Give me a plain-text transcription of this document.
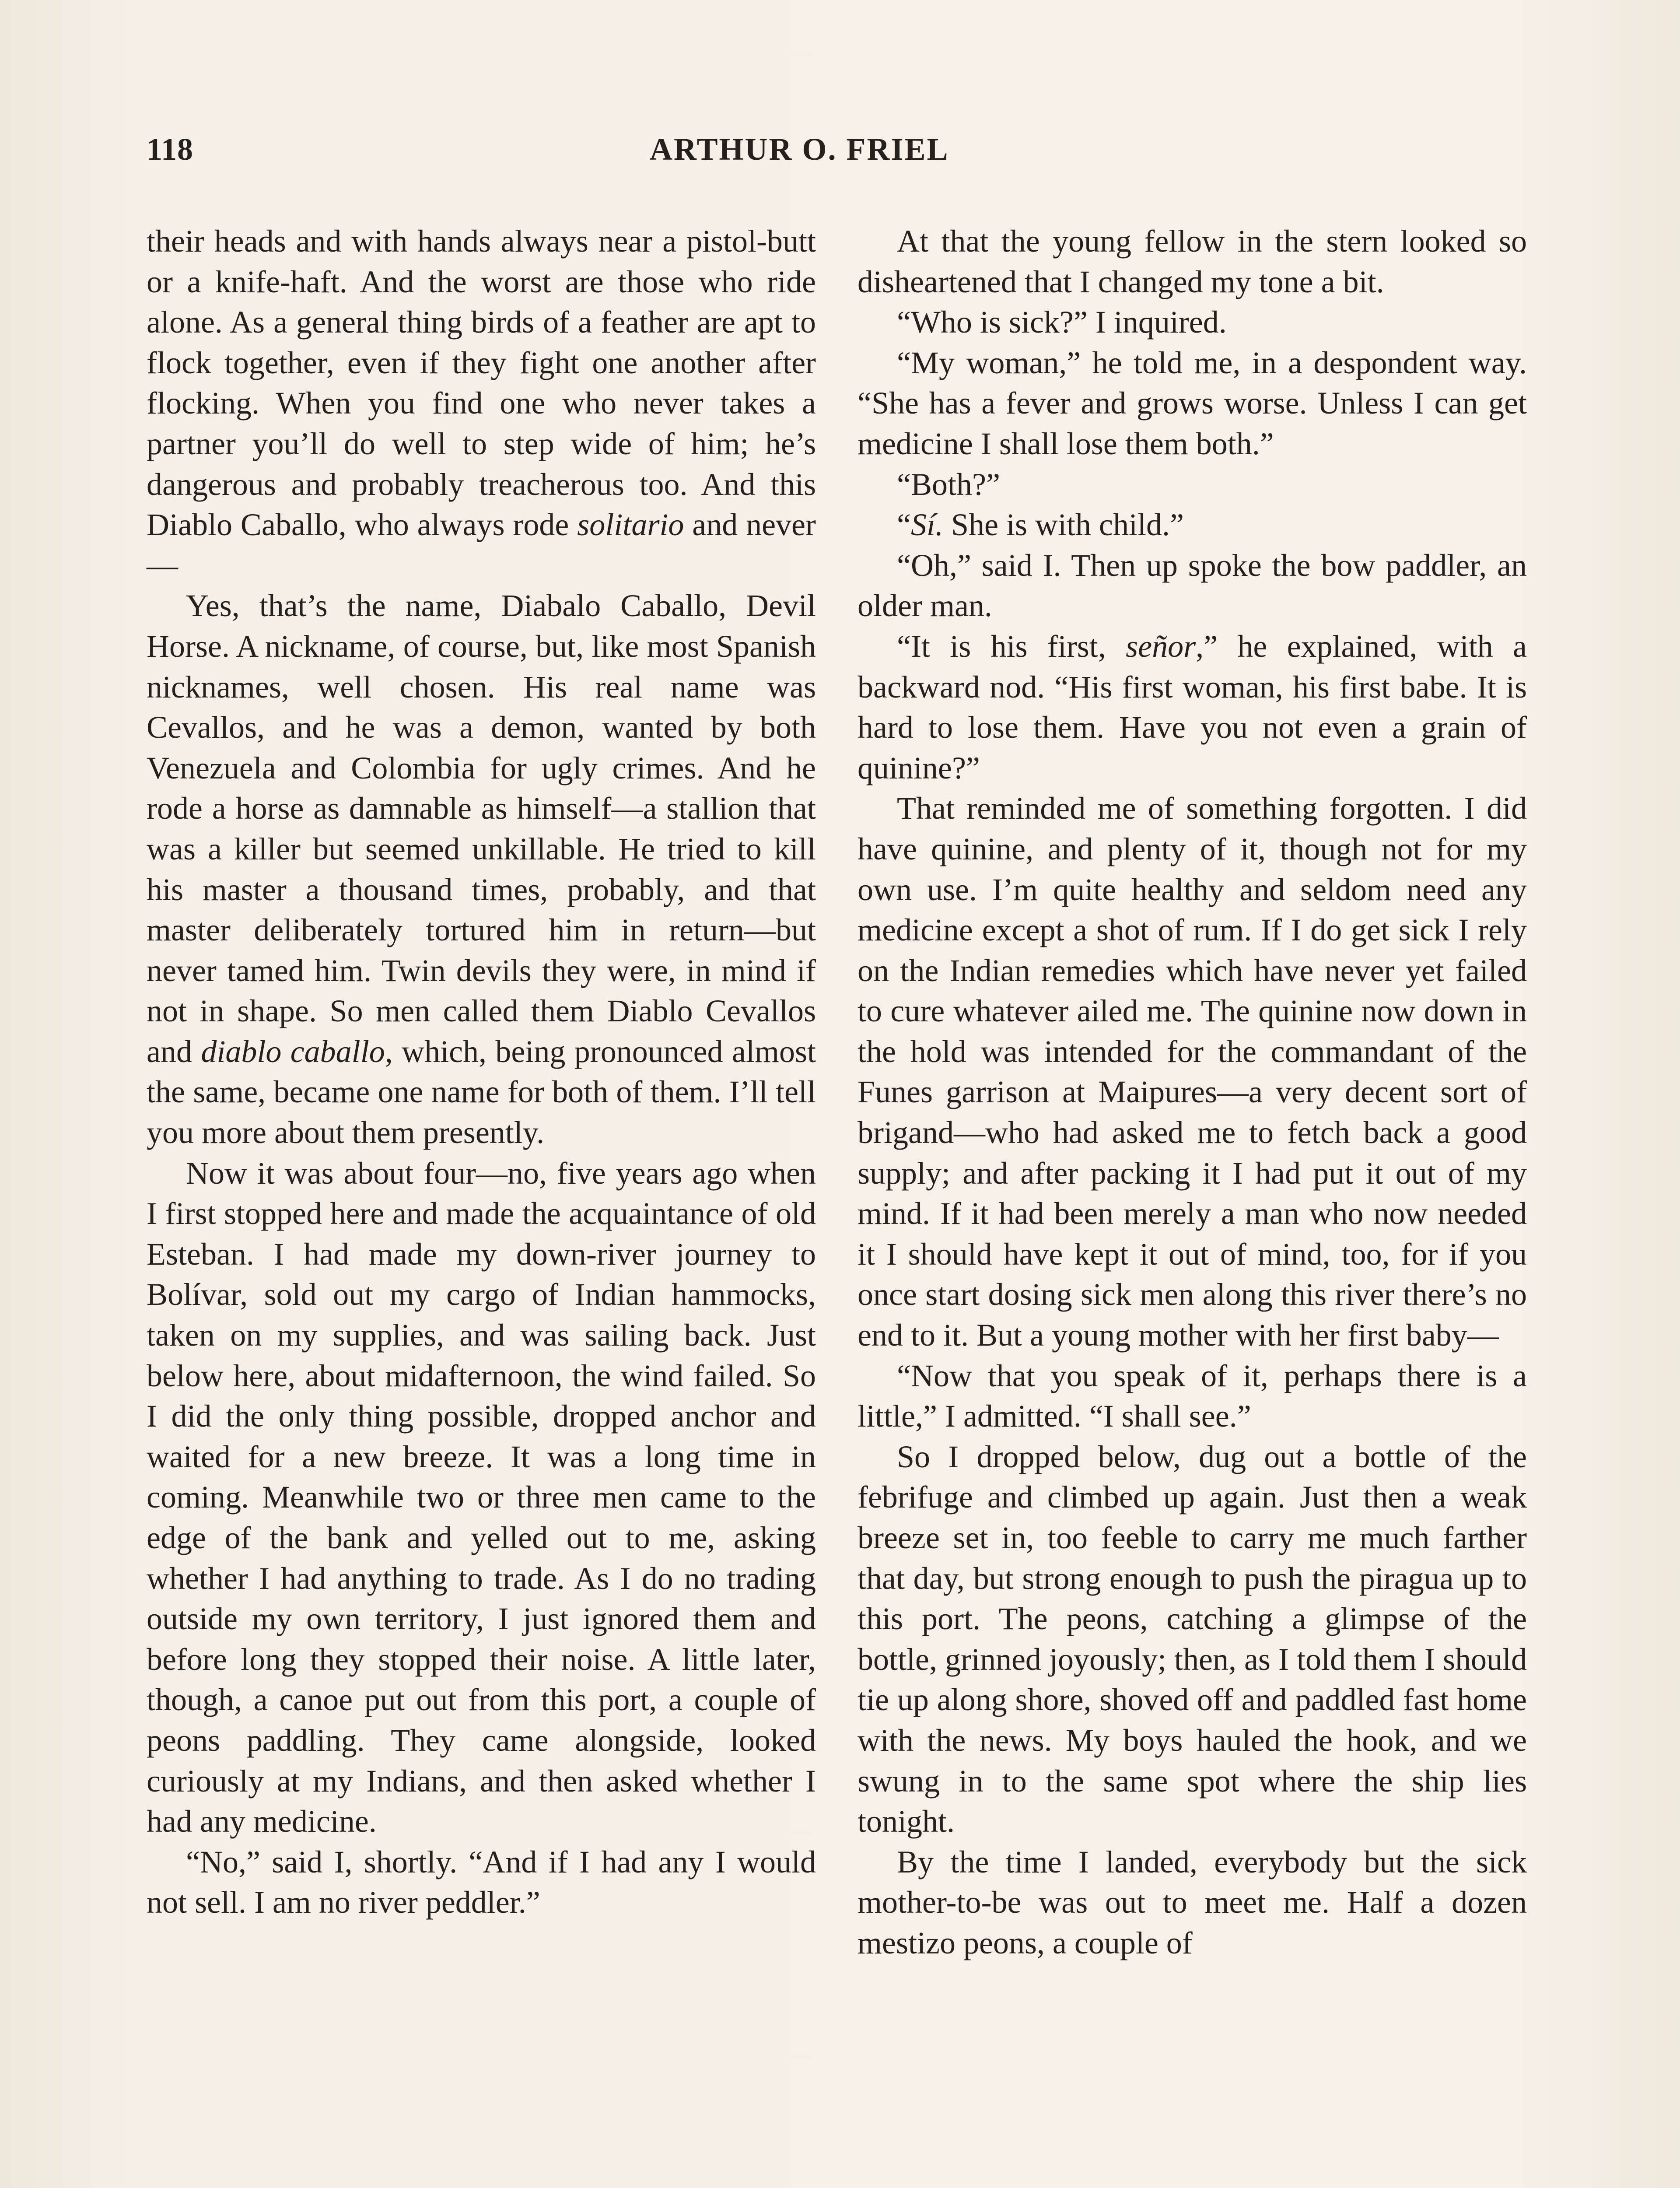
118	ARTHUR O. FRIEL

their heads and with hands always near a pistol-butt or a knife-haft. And the worst are those who ride alone. As a general thing birds of a feather are apt to flock together, even if they fight one another after flocking. When you find one who never takes a partner you’ll do well to step wide of him; he’s dangerous and probably treacherous too. And this Diablo Caballo, who always rode solitario and never—

Yes, that’s the name, Diabalo Caballo, Devil Horse. A nickname, of course, but, like most Spanish nicknames, well chosen. His real name was Cevallos, and he was a demon, wanted by both Venezuela and Colombia for ugly crimes. And he rode a horse as damnable as himself—a stallion that was a killer but seemed unkillable. He tried to kill his master a thousand times, probably, and that master deliberately tortured him in return—but never tamed him. Twin devils they were, in mind if not in shape. So men called them Diablo Cevallos and diablo caballo, which, being pronounced almost the same, became one name for both of them. I’ll tell you more about them presently.

Now it was about four—no, five years ago when I first stopped here and made the acquaintance of old Esteban. I had made my down-river journey to Bolívar, sold out my cargo of Indian hammocks, taken on my supplies, and was sailing back. Just below here, about midafternoon, the wind failed. So I did the only thing possible, dropped anchor and waited for a new breeze. It was a long time in coming. Meanwhile two or three men came to the edge of the bank and yelled out to me, asking whether I had anything to trade. As I do no trading outside my own territory, I just ignored them and before long they stopped their noise. A little later, though, a canoe put out from this port, a couple of peons paddling. They came alongside, looked curiously at my Indians, and then asked whether I had any medicine.

“No,” said I, shortly. “And if I had any I would not sell. I am no river peddler.”

At that the young fellow in the stern looked so disheartened that I changed my tone a bit.

“Who is sick?” I inquired.

“My woman,” he told me, in a despondent way. “She has a fever and grows worse. Unless I can get medicine I shall lose them both.”

“Both?”

“Sí. She is with child.”

“Oh,” said I. Then up spoke the bow paddler, an older man.

“It is his first, señor,” he explained, with a backward nod. “His first woman, his first babe. It is hard to lose them. Have you not even a grain of quinine?”

That reminded me of something forgotten. I did have quinine, and plenty of it, though not for my own use. I’m quite healthy and seldom need any medicine except a shot of rum. If I do get sick I rely on the Indian remedies which have never yet failed to cure whatever ailed me. The quinine now down in the hold was intended for the commandant of the Funes garrison at Maipures—a very decent sort of brigand—who had asked me to fetch back a good supply; and after packing it I had put it out of my mind. If it had been merely a man who now needed it I should have kept it out of mind, too, for if you once start dosing sick men along this river there’s no end to it. But a young mother with her first baby—

“Now that you speak of it, perhaps there is a little,” I admitted. “I shall see.”

So I dropped below, dug out a bottle of the febrifuge and climbed up again. Just then a weak breeze set in, too feeble to carry me much farther that day, but strong enough to push the piragua up to this port. The peons, catching a glimpse of the bottle, grinned joyously; then, as I told them I should tie up along shore, shoved off and paddled fast home with the news. My boys hauled the hook, and we swung in to the same spot where the ship lies tonight.

By the time I landed, everybody but the sick mother-to-be was out to meet me. Half a dozen mestizo peons, a couple of
